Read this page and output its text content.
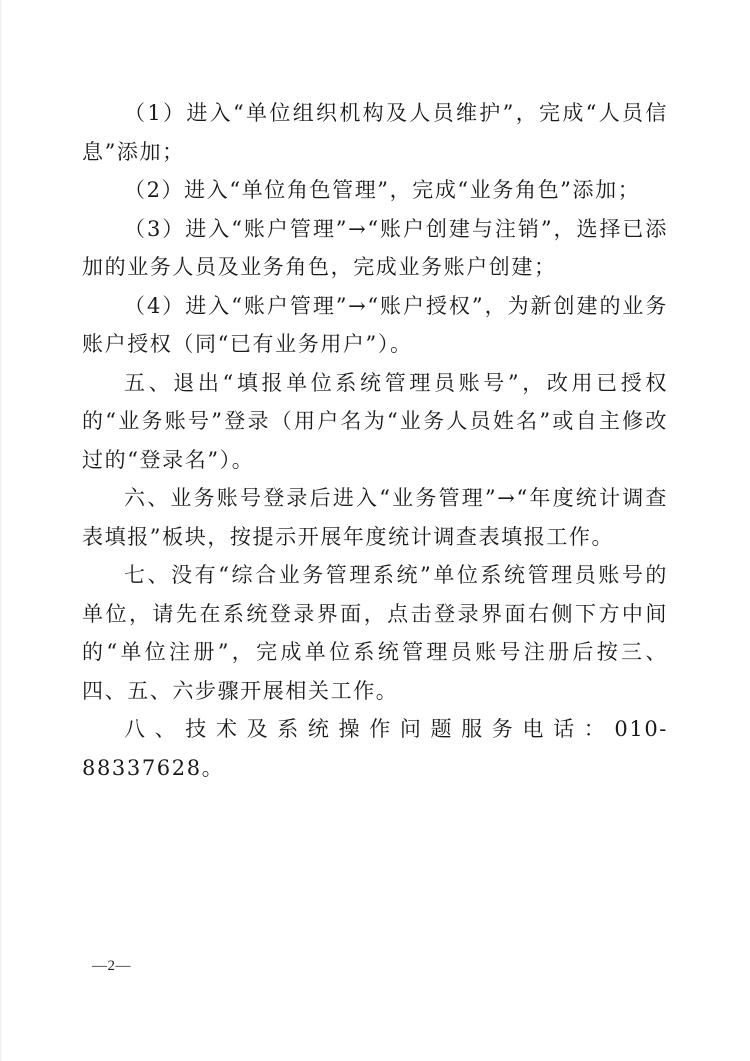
（1）进入“单位组织机构及人员维护”，完成“人员信息”添加；

（2）进入“单位角色管理”，完成“业务角色”添加；

（3）进入“账户管理”→“账户创建与注销”，选择已添加的业务人员及业务角色，完成业务账户创建；

（4）进入“账户管理”→“账户授权”，为新创建的业务账户授权（同“已有业务用户”）。

五、退出“填报单位系统管理员账号”，改用已授权的“业务账号”登录（用户名为“业务人员姓名”或自主修改过的“登录名”）。

六、业务账号登录后进入“业务管理”→“年度统计调查表填报”板块，按提示开展年度统计调查表填报工作。

七、没有“综合业务管理系统”单位系统管理员账号的单位，请先在系统登录界面，点击登录界面右侧下方中间的“单位注册”，完成单位系统管理员账号注册后按三、四、五、六步骤开展相关工作。

八、技术及系统操作问题服务电话：010-88337628。

—2—
